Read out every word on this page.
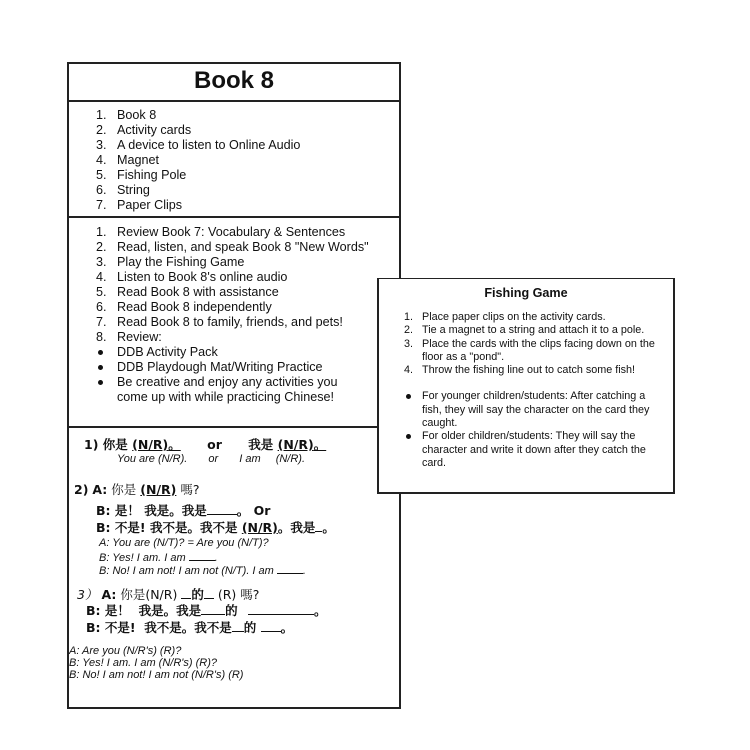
Book 8
1. Book 8
2. Activity cards
3. A device to listen to Online Audio
4. Magnet
5. Fishing Pole
6. String
7. Paper Clips
1. Review Book 7: Vocabulary & Sentences
2. Read, listen, and speak Book 8 "New Words"
3. Play the Fishing Game
4. Listen to Book 8's online audio
5. Read Book 8 with assistance
6. Read Book 8 independently
7. Read Book 8 to family, friends, and pets!
8. Review:
DDB Activity Pack
DDB Playdough Mat/Writing Practice
Be creative and enjoy any activities you
come up with while practicing Chinese!
1) 你是 (N/R)。 or 我是 (N/R)。
You are (N/R). or I am (N/R).
2) A: 你是 (N/R) 嗎?
B: 是！ 我是。我是 。 Or
B: 不是! 我不是。我不是 (N/R)。我是 。
A: You are (N/T)? = Are you (N/T)?
B: Yes! I am. I am	.
B: No! I am not! I am not (N/T). I am	.
3） A: 你是(N/R) 的 (R) 嗎?
B: 是！  我是。我是 的	。
B: 不是!  我不是。我不是 的 。
A: Are you (N/R's) (R)?
B: Yes! I am. I am (N/R's) (R)?
B: No! I am not! I am not (N/R's) (R)
Fishing Game
1. Place paper clips on the activity cards.
2. Tie a magnet to a string and attach it to a pole.
3. Place the cards with the clips facing down on the floor as a "pond".
4. Throw the fishing line out to catch some fish!
For younger children/students: After catching a fish, they will say the character on the card they caught.
For older children/students: They will say the character and write it down after they catch the card.
